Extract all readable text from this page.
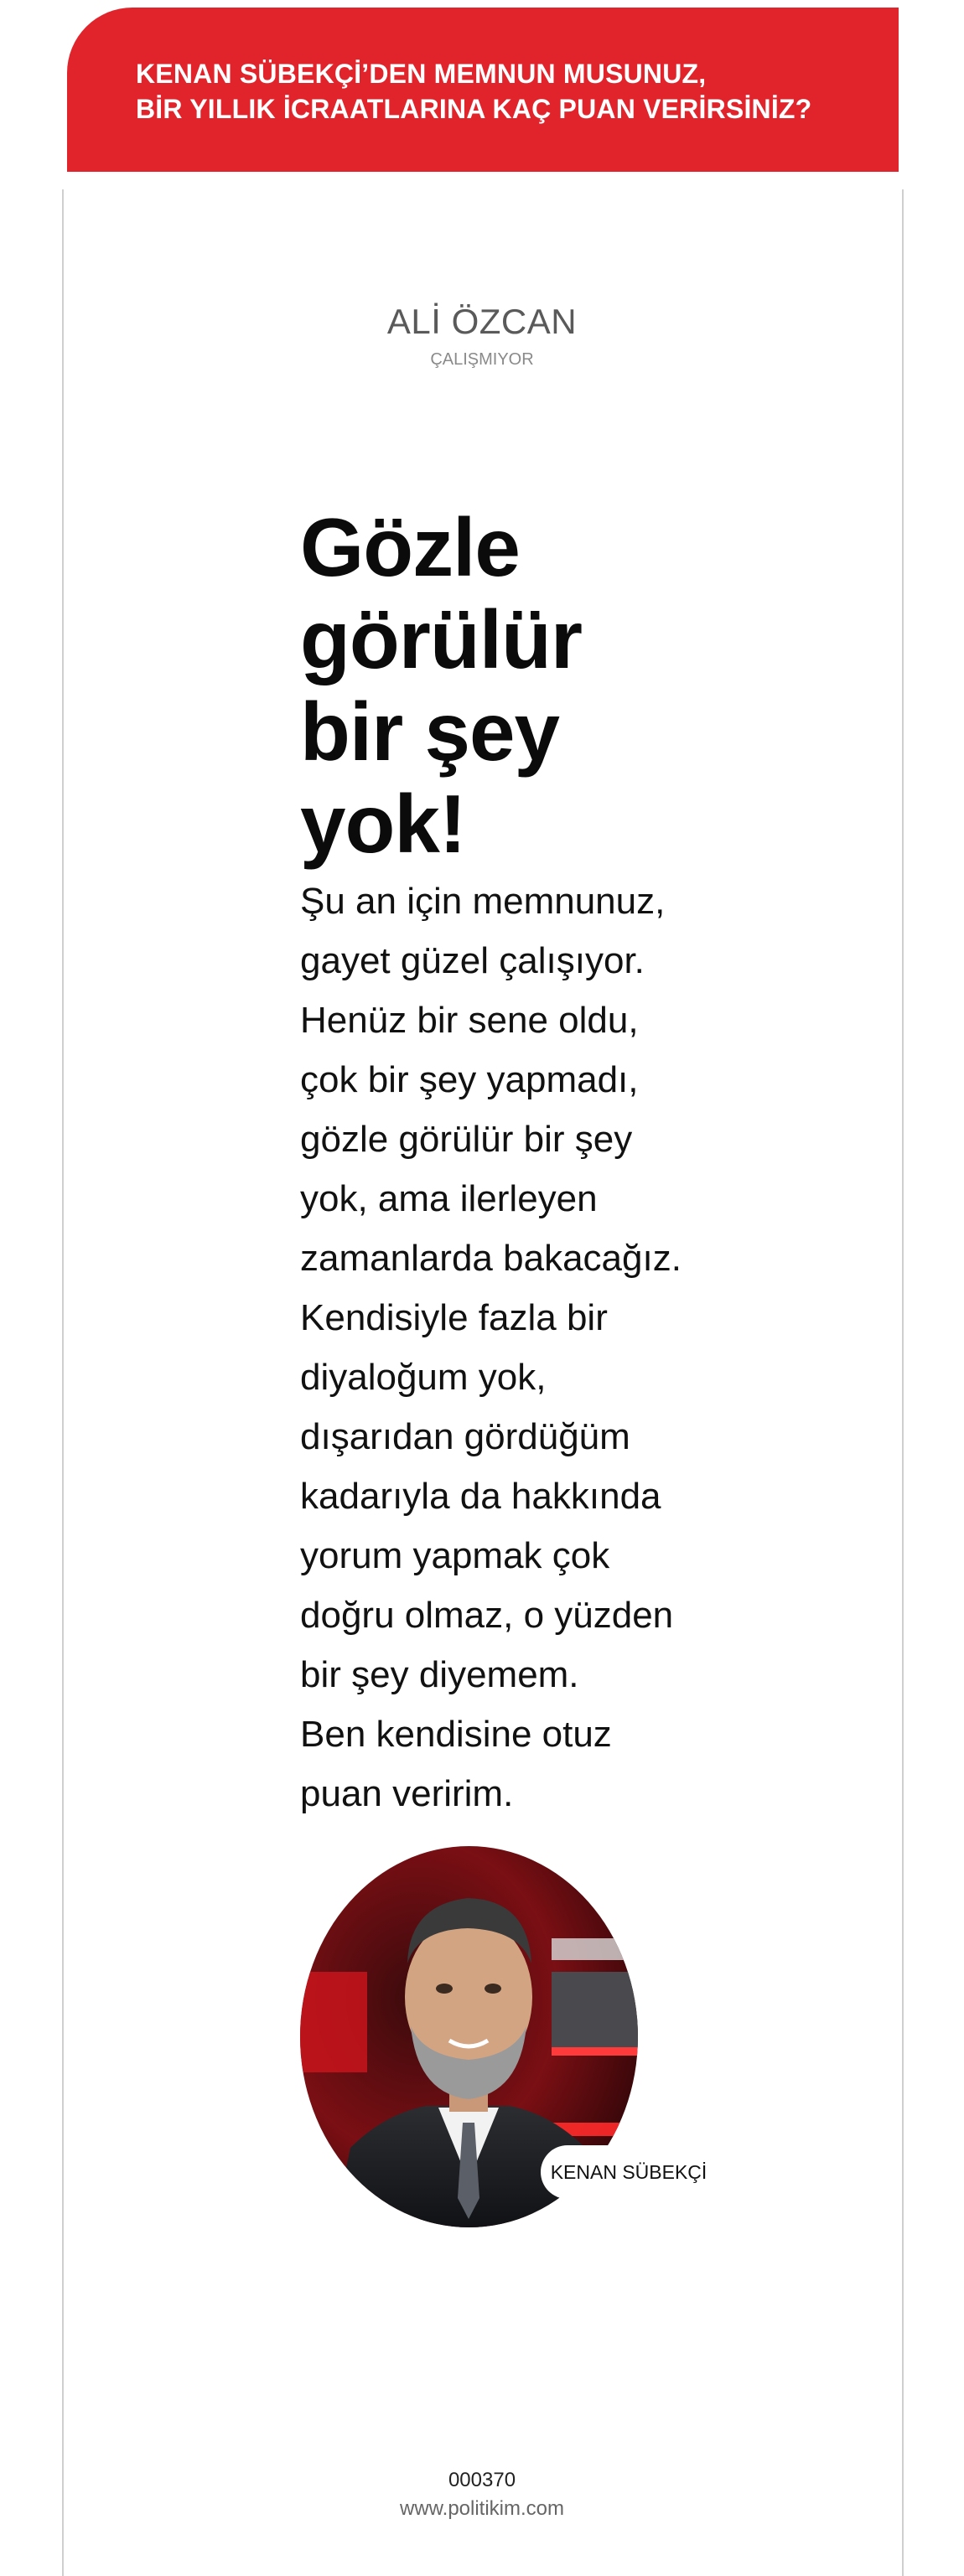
KENAN SÜBEKÇİ’DEN MEMNUN MUSUNUZ,
BİR YILLIK İCRAATLARINA KAÇ PUAN VERİRSİNİZ?
ALİ ÖZCAN
ÇALIŞMIYOR
Gözle
görülür
bir şey
yok!
Şu an için memnunuz,
gayet güzel çalışıyor.
Henüz bir sene oldu,
çok bir şey yapmadı,
gözle görülür bir şey
yok, ama ilerleyen
zamanlarda bakacağız.
Kendisiyle fazla bir
diyaloğum yok,
dışarıdan gördüğüm
kadarıyla da hakkında
yorum yapmak çok
doğru olmaz, o yüzden
bir şey diyemem.
Ben kendisine otuz
puan veririm.
KENAN SÜBEKÇİ
000370
www.politikim.com
